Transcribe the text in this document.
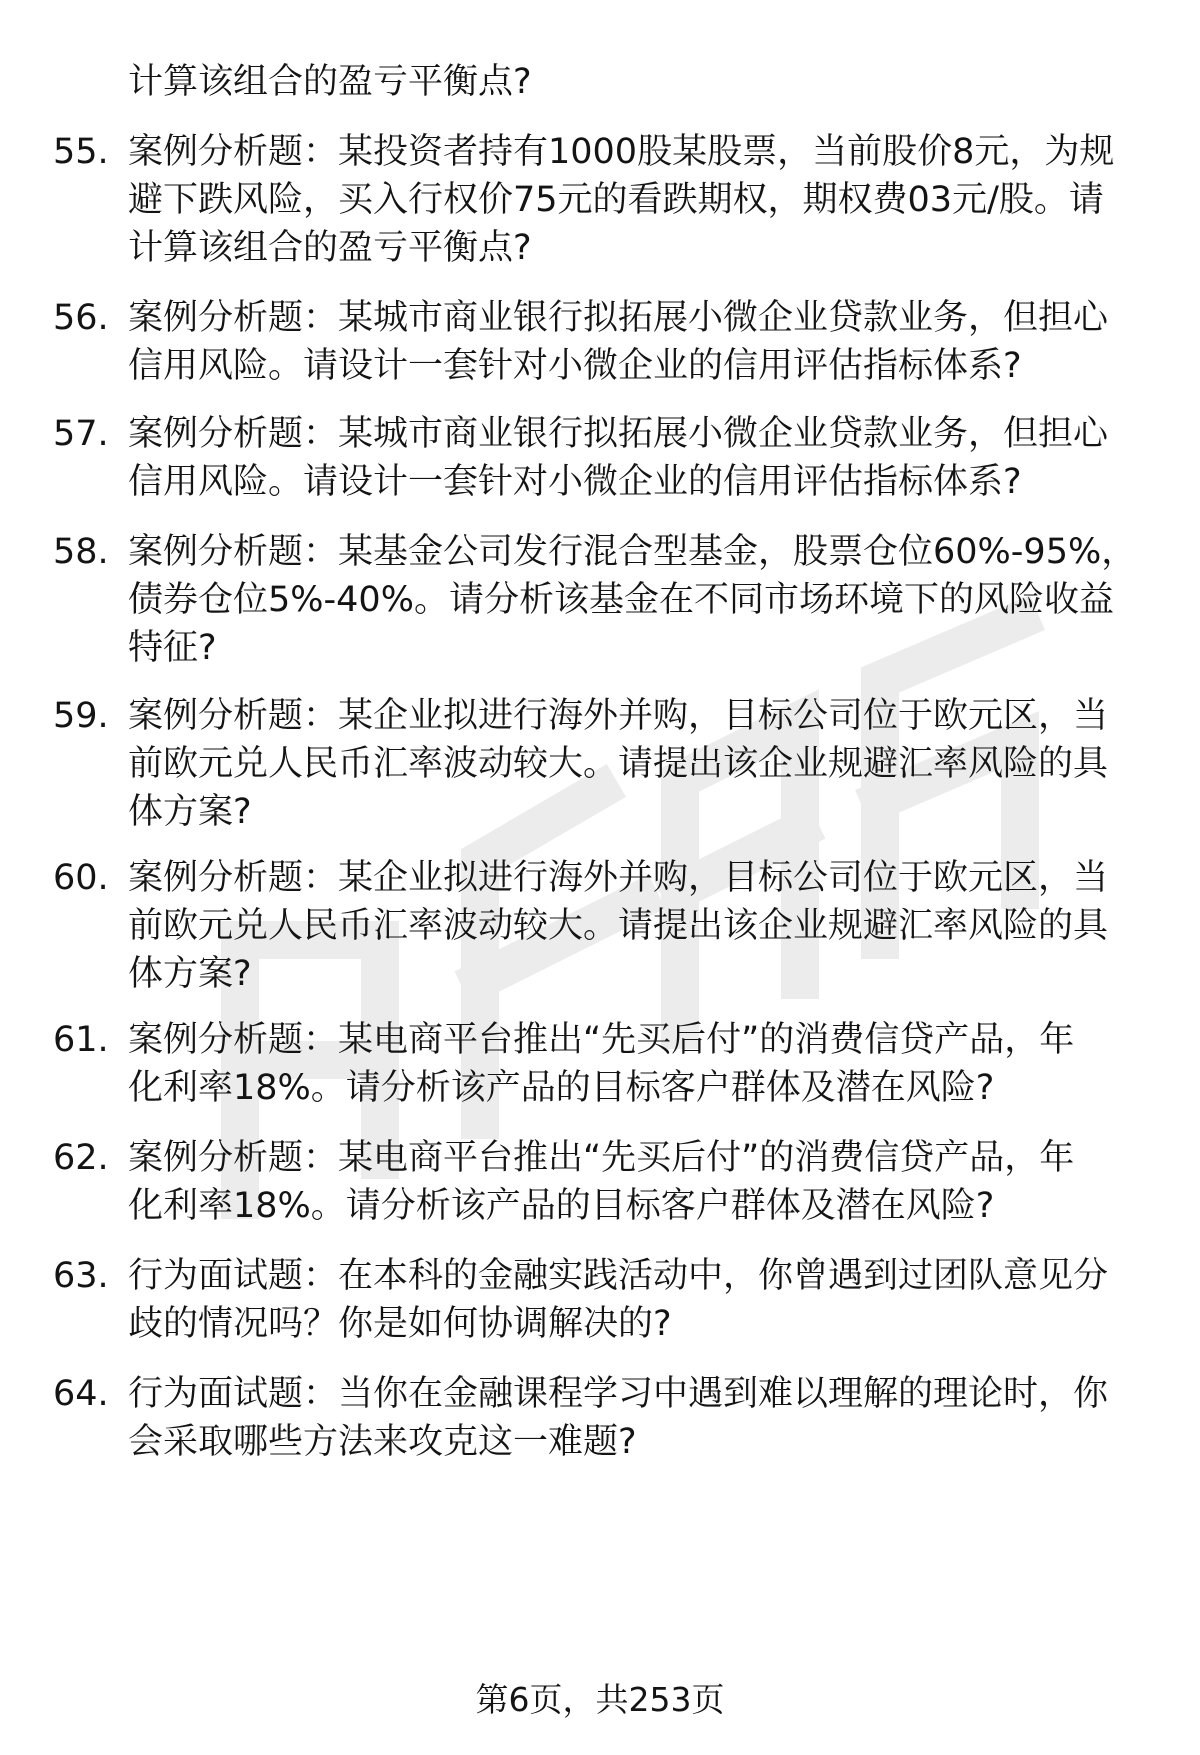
计算该组合的盈亏平衡点?

55. 案例分析题：某投资者持有1000股某股票，当前股价8元，为规
避下跌风险，买入行权价75元的看跌期权，期权费03元/股。请
计算该组合的盈亏平衡点?
56. 案例分析题：某城市商业银行拟拓展小微企业贷款业务，但担心
信用风险。请设计一套针对小微企业的信用评估指标体系?
57. 案例分析题：某城市商业银行拟拓展小微企业贷款业务，但担心
信用风险。请设计一套针对小微企业的信用评估指标体系?
58. 案例分析题：某基金公司发行混合型基金，股票仓位60%-95%，
债券仓位5%-40%。请分析该基金在不同市场环境下的风险收益
特征?
59. 案例分析题：某企业拟进行海外并购，目标公司位于欧元区，当
前欧元兑人民币汇率波动较大。请提出该企业规避汇率风险的具
体方案?
60. 案例分析题：某企业拟进行海外并购，目标公司位于欧元区，当
前欧元兑人民币汇率波动较大。请提出该企业规避汇率风险的具
体方案?
61. 案例分析题：某电商平台推出“先买后付”的消费信贷产品，年
化利率18%。请分析该产品的目标客户群体及潜在风险?
62. 案例分析题：某电商平台推出“先买后付”的消费信贷产品，年
化利率18%。请分析该产品的目标客户群体及潜在风险?
63. 行为面试题：在本科的金融实践活动中，你曾遇到过团队意见分
歧的情况吗？你是如何协调解决的?
64. 行为面试题：当你在金融课程学习中遇到难以理解的理论时，你
会采取哪些方法来攻克这一难题?
第6页，共253页
